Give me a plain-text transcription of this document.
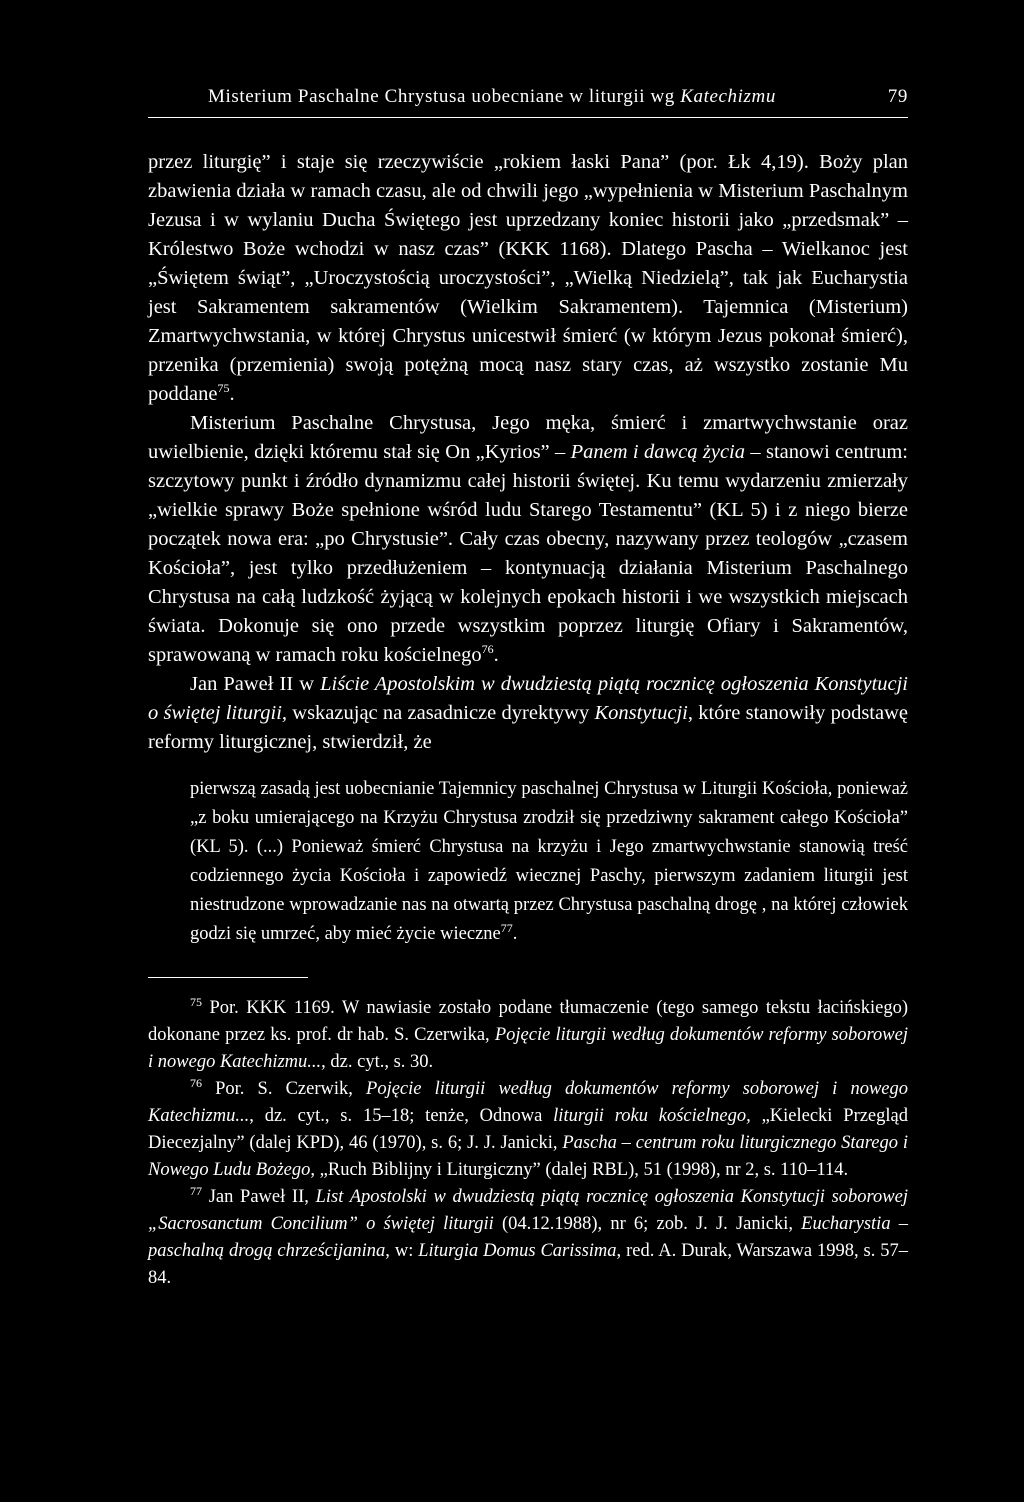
Misterium Paschalne Chrystusa uobecniane w liturgii wg Katechizmu	79

przez liturgię” i staje się rzeczywiście „rokiem łaski Pana” (por. Łk 4,19). Boży plan zbawienia działa w ramach czasu, ale od chwili jego „wypełnienia w Misterium Paschalnym Jezusa i w wylaniu Ducha Świętego jest uprzedzany koniec historii jako „przedsmak” – Królestwo Boże wchodzi w nasz czas” (KKK 1168). Dlatego Pascha – Wielkanoc jest „Świętem świąt”, „Uroczystością uroczystości”, „Wielką Niedzielą”, tak jak Eucharystia jest Sakramentem sakramentów (Wielkim Sakramentem). Tajemnica (Misterium) Zmartwychwstania, w której Chrystus unicestwił śmierć (w którym Jezus pokonał śmierć), przenika (przemienia) swoją potężną mocą nasz stary czas, aż wszystko zostanie Mu poddane$^{75}$.

Misterium Paschalne Chrystusa, Jego męka, śmierć i zmartwychwstanie oraz uwielbienie, dzięki któremu stał się On „Kyrios” – Panem i dawcą życia – stanowi centrum: szczytowy punkt i źródło dynamizmu całej historii świętej. Ku temu wydarzeniu zmierzały „wielkie sprawy Boże spełnione wśród ludu Starego Testamentu” (KL 5) i z niego bierze początek nowa era: „po Chrystusie”. Cały czas obecny, nazywany przez teologów „czasem Kościoła”, jest tylko przedłużeniem – kontynuacją działania Misterium Paschalnego Chrystusa na całą ludzkość żyjącą w kolejnych epokach historii i we wszystkich miejscach świata. Dokonuje się ono przede wszystkim poprzez liturgię Ofiary i Sakramentów, sprawowaną w ramach roku kościelnego$^{76}$.

Jan Paweł II w Liście Apostolskim w dwudziestą piątą rocznicę ogłoszenia Konstytucji o świętej liturgii, wskazując na zasadnicze dyrektywy Konstytucji, które stanowiły podstawę reformy liturgicznej, stwierdził, że

pierwszą zasadą jest uobecnianie Tajemnicy paschalnej Chrystusa w Liturgii Kościoła, ponieważ „z boku umierającego na Krzyżu Chrystusa zrodził się przedziwny sakrament całego Kościoła” (KL 5). (...) Ponieważ śmierć Chrystusa na krzyżu i Jego zmartwychwstanie stanowią treść codziennego życia Kościoła i zapowiedź wiecznej Paschy, pierwszym zadaniem liturgii jest niestrudzone wprowadzanie nas na otwartą przez Chrystusa paschalną drogę , na której człowiek godzi się umrzeć, aby mieć życie wieczne$^{77}$.

$^{75}$ Por. KKK 1169. W nawiasie zostało podane tłumaczenie (tego samego tekstu łacińskiego) dokonane przez ks. prof. dr hab. S. Czerwika, Pojęcie liturgii według dokumentów reformy soborowej i nowego Katechizmu..., dz. cyt., s. 30.

$^{76}$ Por. S. Czerwik, Pojęcie liturgii według dokumentów reformy soborowej i nowego Katechizmu..., dz. cyt., s. 15–18; tenże, Odnowa liturgii roku kościelnego, „Kielecki Przegląd Diecezjalny” (dalej KPD), 46 (1970), s. 6; J. J. Janicki, Pascha – centrum roku liturgicznego Starego i Nowego Ludu Bożego, „Ruch Biblijny i Liturgiczny” (dalej RBL), 51 (1998), nr 2, s. 110–114.

$^{77}$ Jan Paweł II, List Apostolski w dwudziestą piątą rocznicę ogłoszenia Konstytucji soborowej „Sacrosanctum Concilium” o świętej liturgii (04.12.1988), nr 6; zob. J. J. Janicki, Eucharystia – paschalną drogą chrześcijanina, w: Liturgia Domus Carissima, red. A. Durak, Warszawa 1998, s. 57–84.
